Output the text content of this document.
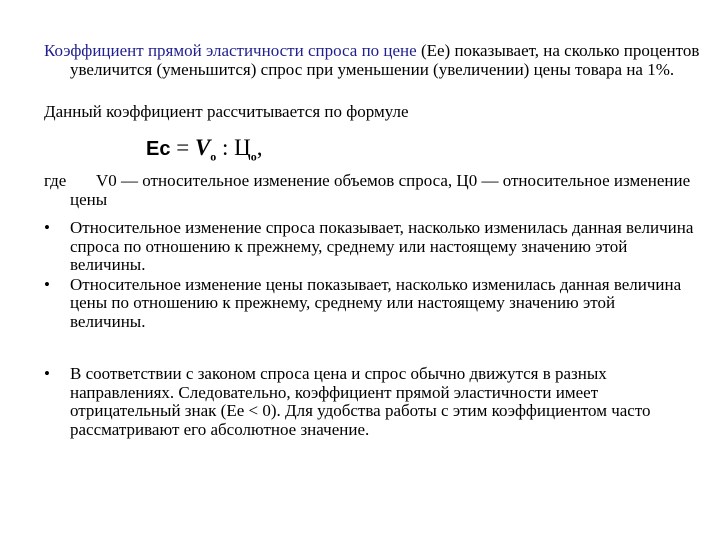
Коэффициент прямой эластичности спроса по цене (Ее) показывает, на сколько процентов увеличится (уменьшится) спрос при уменьшении (увеличении) цены товара на 1%.

Данный коэффициент рассчитывается по формуле

Ес = $V_o$ : $Ц_o$,

где V0 — относительное изменение объемов спроса, Ц0 — относительное изменение цены

•	Относительное изменение спроса показывает, насколько изменилась данная величина спроса по отношению к прежнему, среднему или настоящему значению этой величины.
•	Относительное изменение цены показывает, насколько изменилась данная величина цены по отношению к прежнему, среднему или настоящему значению этой величины.
•	В соответствии с законом спроса цена и спрос обычно движутся в разных направлениях. Следовательно, коэффициент прямой эластичности имеет отрицательный знак (Ее < 0). Для удобства работы с этим коэффициентом часто рассматривают его абсолютное значение.
